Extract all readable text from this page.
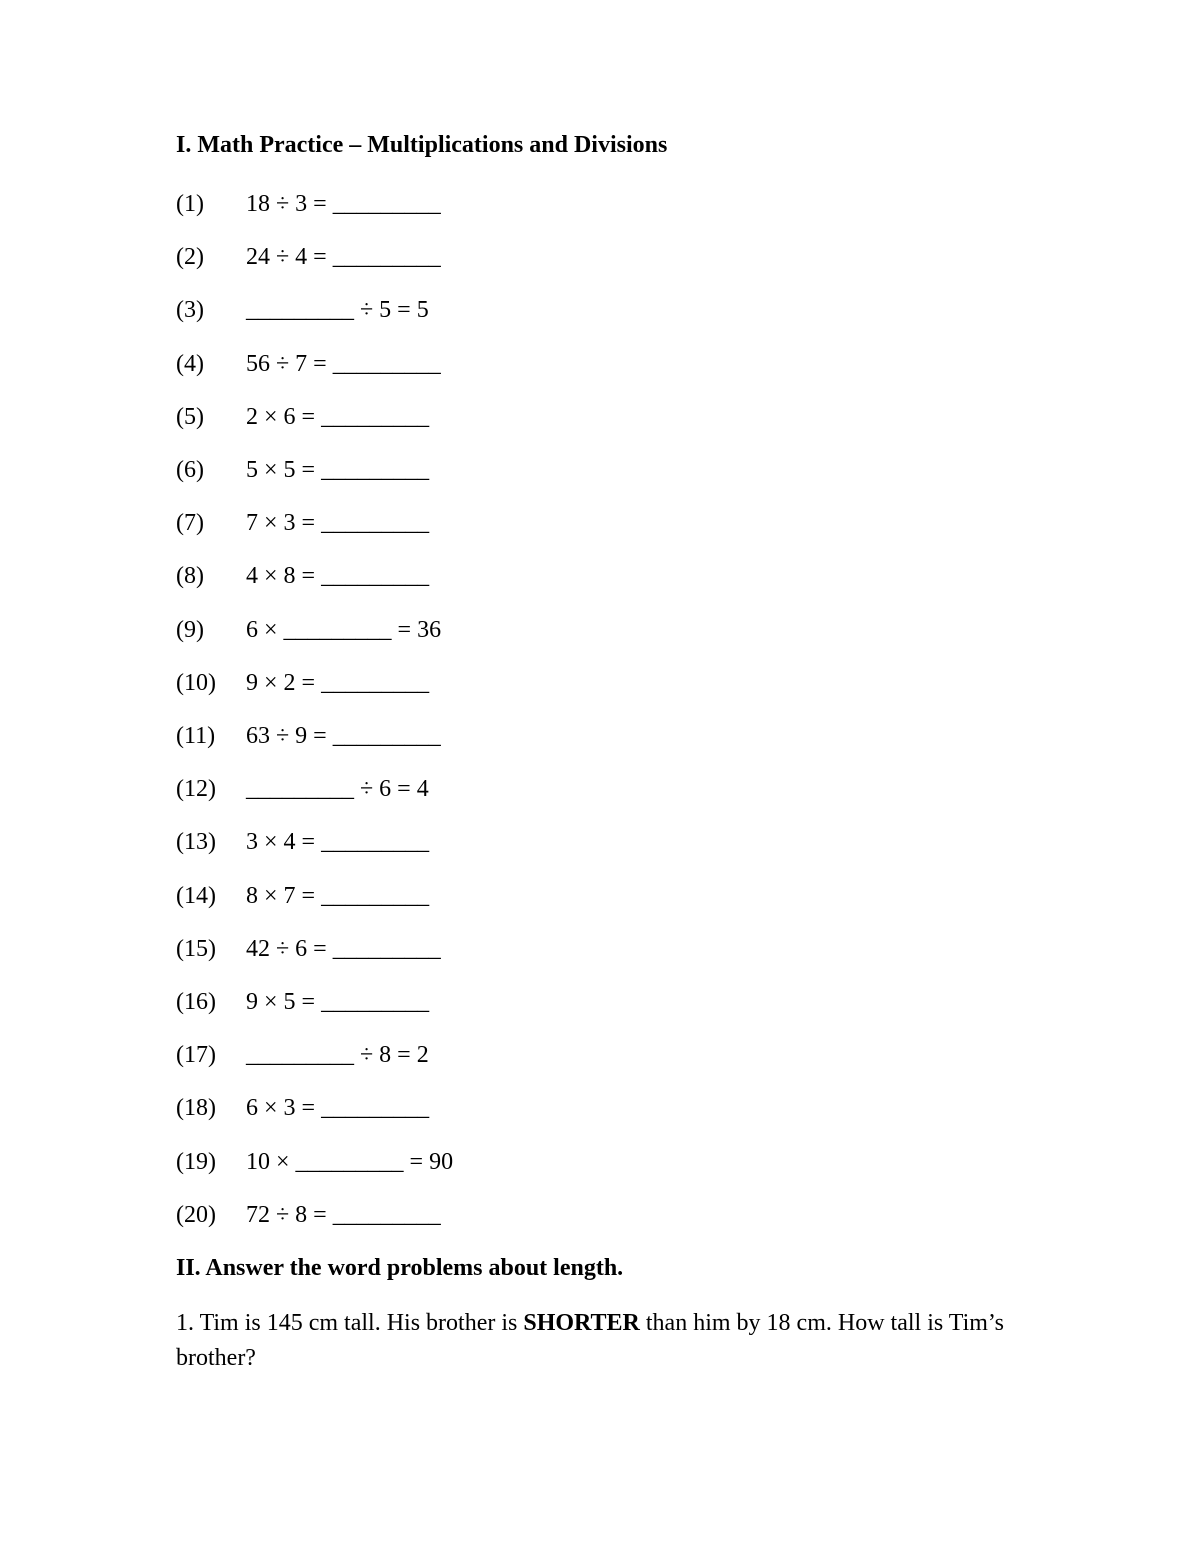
I. Math Practice – Multiplications and Divisions
(1) 18 ÷ 3 = _________
(2) 24 ÷ 4 = _________
(3) _________ ÷ 5 = 5
(4) 56 ÷ 7 = _________
(5) 2 × 6 = _________
(6) 5 × 5 = _________
(7) 7 × 3 = _________
(8) 4 × 8 = _________
(9) 6 × _________ = 36
(10) 9 × 2 = _________
(11) 63 ÷ 9 = _________
(12) _________ ÷ 6 = 4
(13) 3 × 4 = _________
(14) 8 × 7 = _________
(15) 42 ÷ 6 = _________
(16) 9 × 5 = _________
(17) _________ ÷ 8 = 2
(18) 6 × 3 = _________
(19) 10 × _________ = 90
(20) 72 ÷ 8 = _________
II. Answer the word problems about length.
1. Tim is 145 cm tall. His brother is SHORTER than him by 18 cm. How tall is Tim’s brother?
